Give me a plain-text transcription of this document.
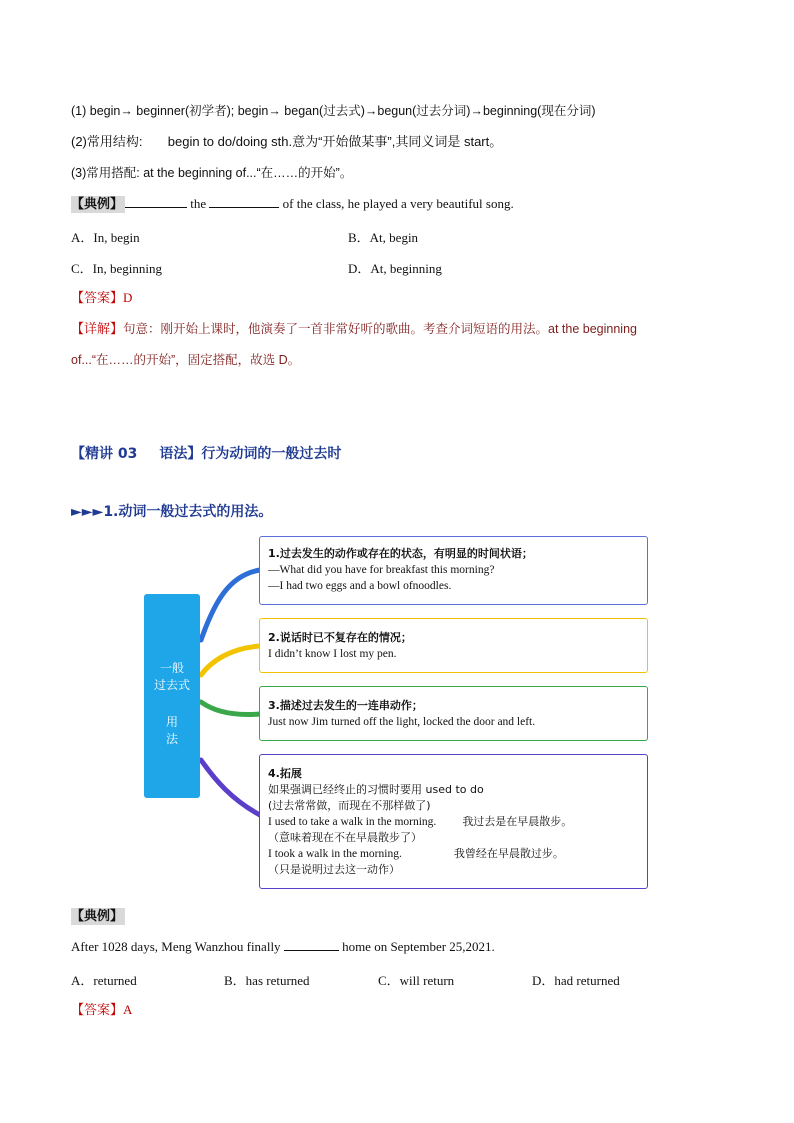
(1) begin→ beginner(初学者); begin→ began(过去式)→begun(过去分词)→beginning(现在分词)
(2)常用结构: begin to do/doing sth.意为“开始做某事”,其同义词是 start。
(3)常用搭配: at the beginning of...“在……的开始”。
【典例】	the	of the class, he played a very beautiful song.
A．In, begin	B．At, begin
C．In, beginning	D．At, beginning
【答案】D
【详解】句意：刚开始上课时，他演奏了一首非常好听的歌曲。考查介词短语的用法。at the beginning
of...“在……的开始”，固定搭配，故选 D。
【精讲 03 语法】行为动词的一般过去时
►►►1.动词一般过去式的用法。
一般
过去式
用
法
1.过去发生的动作或存在的状态，有明显的时间状语；
—What did you have for breakfast this morning?
—I had two eggs and a bowl ofnoodles.
2.说话时已不复存在的情况；
I didn’t know I lost my pen.
3.描述过去发生的一连串动作；
Just now Jim turned off the light, locked the door and left.
4.拓展
如果强调已经终止的习惯时要用 used to do
(过去常常做，而现在不那样做了)
I used to take a walk in the morning. 我过去是在早晨散步。
（意味着现在不在早晨散步了）
I took a walk in the morning.	我曾经在早晨散过步。
（只是说明过去这一动作）
【典例】
After 1028 days, Meng Wanzhou finally	home on September 25,2021.
A．returned	B．has returned	C．will return	D．had returned
【答案】A
